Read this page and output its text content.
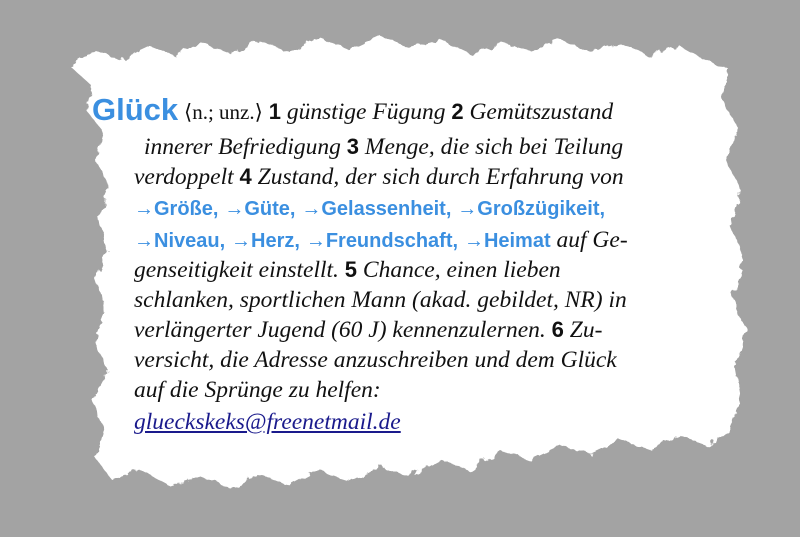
Glück ⟨n.; unz.⟩ 1 günstige Fügung 2 Gemütszustand
innerer Befriedigung 3 Menge, die sich bei Teilung
verdoppelt 4 Zustand, der sich durch Erfahrung von
→Größe, →Güte, →Gelassenheit, →Großzügikeit,
→Niveau, →Herz, →Freundschaft, →Heimat auf Ge-
genseitigkeit einstellt. 5 Chance, einen lieben
schlanken, sportlichen Mann (akad. gebildet, NR) in
verlängerter Jugend (60 J) kennenzulernen. 6 Zu-
versicht, die Adresse anzuschreiben und dem Glück
auf die Sprünge zu helfen:
glueckskeks@freenetmail.de
